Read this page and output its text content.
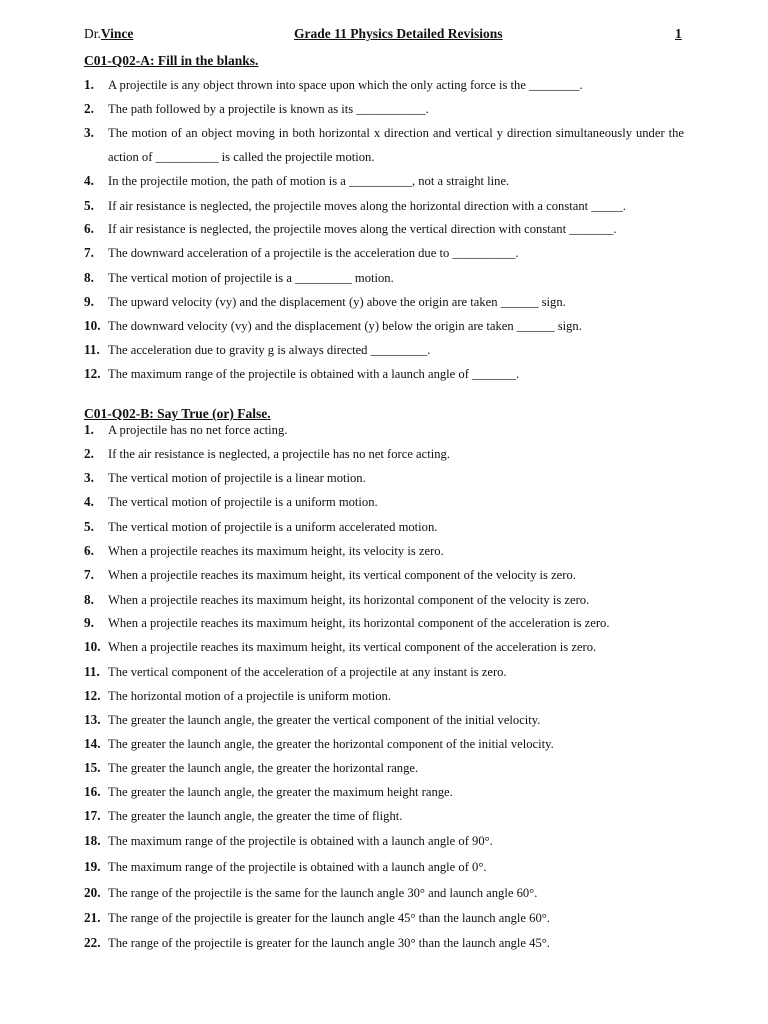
Dr.Vince	Grade 11 Physics Detailed Revisions	1
C01-Q02-A: Fill in the blanks.
1.	A projectile is any object thrown into space upon which the only acting force is the ________.
2.	The path followed by a projectile is known as its ___________.
3.	The motion of an object moving in both horizontal x direction and vertical y direction simultaneously under the action of __________ is called the projectile motion.
4.	In the projectile motion, the path of motion is a __________, not a straight line.
5.	If air resistance is neglected, the projectile moves along the horizontal direction with a constant _____.
6.	If air resistance is neglected, the projectile moves along the vertical direction with constant _______.
7.	The downward acceleration of a projectile is the acceleration due to __________.
8.	The vertical motion of projectile is a _________ motion.
9.	The upward velocity (vy) and the displacement (y) above the origin are taken ______ sign.
10. The downward velocity (vy) and the displacement (y) below the origin are taken ______ sign.
11. The acceleration due to gravity g is always directed _________.
12. The maximum range of the projectile is obtained with a launch angle of _______.
C01-Q02-B: Say True (or) False.
1.	A projectile has no net force acting.
2.	If the air resistance is neglected, a projectile has no net force acting.
3.	The vertical motion of projectile is a linear motion.
4.	The vertical motion of projectile is a uniform motion.
5.	The vertical motion of projectile is a uniform accelerated motion.
6.	When a projectile reaches its maximum height, its velocity is zero.
7.	When a projectile reaches its maximum height, its vertical component of the velocity is zero.
8.	When a projectile reaches its maximum height, its horizontal component of the velocity is zero.
9.	When a projectile reaches its maximum height, its horizontal component of the acceleration is zero.
10. When a projectile reaches its maximum height, its vertical component of the acceleration is zero.
11. The vertical component of the acceleration of a projectile at any instant is zero.
12. The horizontal motion of a projectile is uniform motion.
13. The greater the launch angle, the greater the vertical component of the initial velocity.
14. The greater the launch angle, the greater the horizontal component of the initial velocity.
15. The greater the launch angle, the greater the horizontal range.
16. The greater the launch angle, the greater the maximum height range.
17. The greater the launch angle, the greater the time of flight.
18. The maximum range of the projectile is obtained with a launch angle of 90°.
19. The maximum range of the projectile is obtained with a launch angle of 0°.
20. The range of the projectile is the same for the launch angle 30° and launch angle 60°.
21. The range of the projectile is greater for the launch angle 45° than the launch angle 60°.
22. The range of the projectile is greater for the launch angle 30° than the launch angle 45°.
